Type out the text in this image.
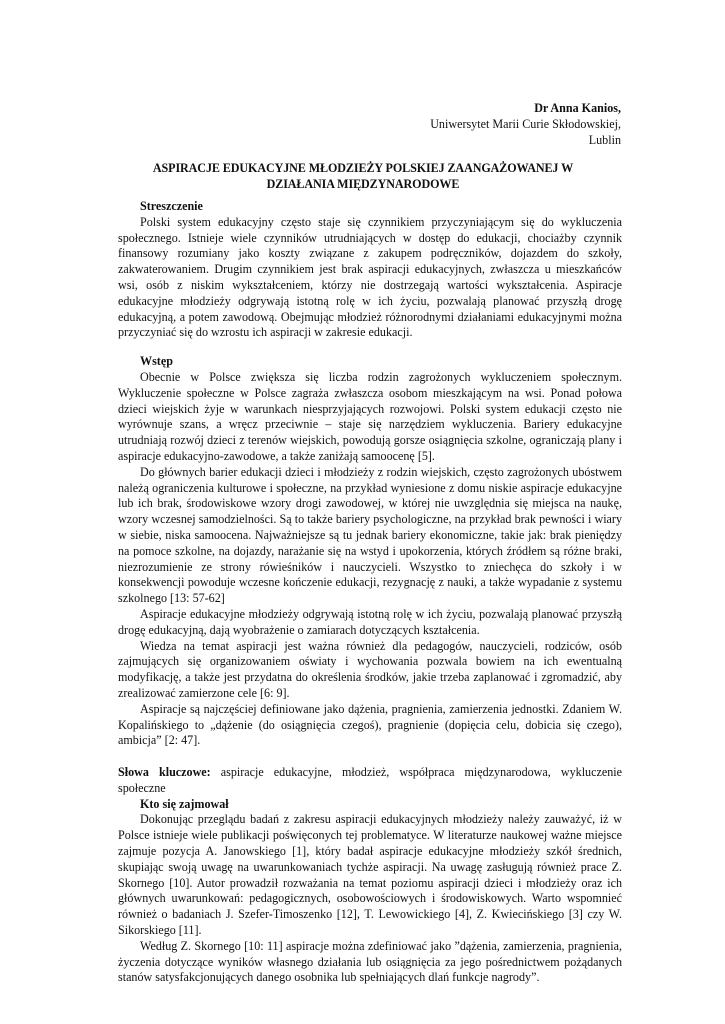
Dr Anna Kanios,
Uniwersytet Marii Curie Skłodowskiej,
Lublin
ASPIRACJE EDUKACYJNE MŁODZIEŻY POLSKIEJ ZAANGAŻOWANEJ W
DZIAŁANIA MIĘDZYNARODOWE
Streszczenie

Polski system edukacyjny często staje się czynnikiem przyczyniającym się do wykluczenia społecznego. Istnieje wiele czynników utrudniających w dostęp do edukacji, chociażby czynnik finansowy rozumiany jako koszty związane z zakupem podręczników, dojazdem do szkoły, zakwaterowaniem. Drugim czynnikiem jest brak aspiracji edukacyjnych, zwłaszcza u mieszkańców wsi, osób z niskim wykształceniem, którzy nie dostrzegają wartości wykształcenia. Aspiracje edukacyjne młodzieży odgrywają istotną rolę w ich życiu, pozwalają planować przyszłą drogę edukacyjną, a potem zawodową. Obejmując młodzież różnorodnymi działaniami edukacyjnymi można przyczyniać się do wzrostu ich aspiracji w zakresie edukacji.

Wstęp

Obecnie w Polsce zwiększa się liczba rodzin zagrożonych wykluczeniem społecznym. Wykluczenie społeczne w Polsce zagraża zwłaszcza osobom mieszkającym na wsi. Ponad połowa dzieci wiejskich żyje w warunkach niesprzyjających rozwojowi. Polski system edukacji często nie wyrównuje szans, a wręcz przeciwnie – staje się narzędziem wykluczenia. Bariery edukacyjne utrudniają rozwój dzieci z terenów wiejskich, powodują gorsze osiągnięcia szkolne, ograniczają plany i aspiracje edukacyjno-zawodowe, a także zaniżają samoocenę [5].

Do głównych barier edukacji dzieci i młodzieży z rodzin wiejskich, często zagrożonych ubóstwem należą ograniczenia kulturowe i społeczne, na przykład wyniesione z domu niskie aspiracje edukacyjne lub ich brak, środowiskowe wzory drogi zawodowej, w której nie uwzględnia się miejsca na naukę, wzory wczesnej samodzielności. Są to także bariery psychologiczne, na przykład brak pewności i wiary w siebie, niska samoocena. Najważniejsze są tu jednak bariery ekonomiczne, takie jak: brak pieniędzy na pomoce szkolne, na dojazdy, narażanie się na wstyd i upokorzenia, których źródłem są różne braki, niezrozumienie ze strony rówieśników i nauczycieli. Wszystko to zniechęca do szkoły i w konsekwencji powoduje wczesne kończenie edukacji, rezygnację z nauki, a także wypadanie z systemu szkolnego [13: 57-62]

Aspiracje edukacyjne młodzieży odgrywają istotną rolę w ich życiu, pozwalają planować przyszłą drogę edukacyjną, dają wyobrażenie o zamiarach dotyczących kształcenia.

Wiedza na temat aspiracji jest ważna również dla pedagogów, nauczycieli, rodziców, osób zajmujących się organizowaniem oświaty i wychowania pozwala bowiem na ich ewentualną modyfikację, a także jest przydatna do określenia środków, jakie trzeba zaplanować i zgromadzić, aby zrealizować zamierzone cele [6: 9].

Aspiracje są najczęściej definiowane jako dążenia, pragnienia, zamierzenia jednostki. Zdaniem W. Kopalińskiego to „dążenie (do osiągnięcia czegoś), pragnienie (dopięcia celu, dobicia się czego), ambicja” [2: 47].

Słowa kluczowe: aspiracje edukacyjne, młodzież, współpraca międzynarodowa, wykluczenie społeczne

Kto się zajmował

Dokonując przeglądu badań z zakresu aspiracji edukacyjnych młodzieży należy zauważyć, iż w Polsce istnieje wiele publikacji poświęconych tej problematyce. W literaturze naukowej ważne miejsce zajmuje pozycja A. Janowskiego [1], który badał aspiracje edukacyjne młodzieży szkół średnich, skupiając swoją uwagę na uwarunkowaniach tychże aspiracji. Na uwagę zasługują również prace Z. Skornego [10]. Autor prowadził rozważania na temat poziomu aspiracji dzieci i młodzieży oraz ich głównych uwarunkowań: pedagogicznych, osobowościowych i środowiskowych. Warto wspomnieć również o badaniach J. Szefer-Timoszenko [12], T. Lewowickiego [4], Z. Kwiecińskiego [3] czy W. Sikorskiego [11].

Według Z. Skornego [10: 11] aspiracje można zdefiniować jako ”dążenia, zamierzenia, pragnienia, życzenia dotyczące wyników własnego działania lub osiągnięcia za jego pośrednictwem pożądanych stanów satysfakcjonujących danego osobnika lub spełniających dlań funkcje nagrody”.
